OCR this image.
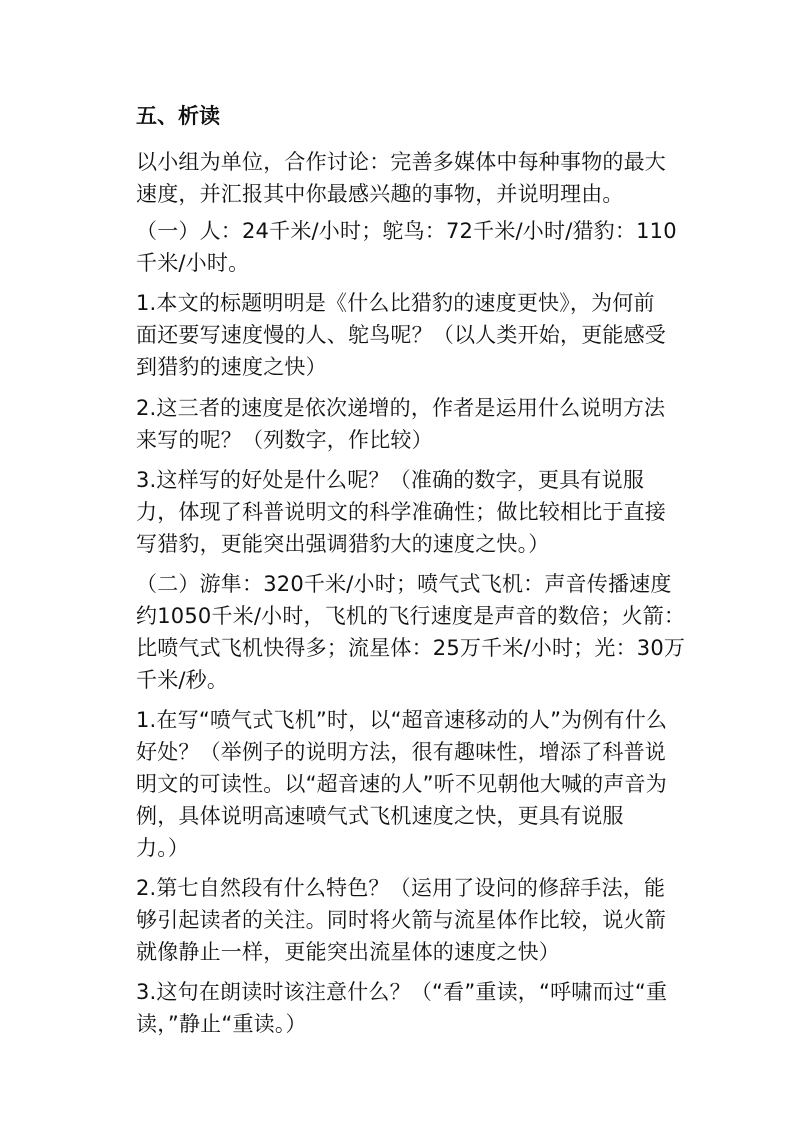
五、析读
以小组为单位，合作讨论：完善多媒体中每种事物的最大
速度，并汇报其中你最感兴趣的事物，并说明理由。
（一）人：24千米/小时；鸵鸟：72千米/小时/猎豹：110
千米/小时。
1.本文的标题明明是《什么比猎豹的速度更快》，为何前
面还要写速度慢的人、鸵鸟呢？（以人类开始，更能感受
到猎豹的速度之快）
2.这三者的速度是依次递增的，作者是运用什么说明方法
来写的呢？（列数字，作比较）
3.这样写的好处是什么呢？（准确的数字，更具有说服
力，体现了科普说明文的科学准确性；做比较相比于直接
写猎豹，更能突出强调猎豹大的速度之快。）
（二）游隼：320千米/小时；喷气式飞机：声音传播速度
约1050千米/小时，飞机的飞行速度是声音的数倍；火箭：
比喷气式飞机快得多；流星体：25万千米/小时；光：30万
千米/秒。
1.在写“喷气式飞机”时，以“超音速移动的人”为例有什么
好处？（举例子的说明方法，很有趣味性，增添了科普说
明文的可读性。以“超音速的人”听不见朝他大喊的声音为
例，具体说明高速喷气式飞机速度之快，更具有说服
力。）
2.第七自然段有什么特色？（运用了设问的修辞手法，能
够引起读者的关注。同时将火箭与流星体作比较，说火箭
就像静止一样，更能突出流星体的速度之快）
3.这句在朗读时该注意什么？（“看”重读，“呼啸而过“重
读，”静止“重读。）
